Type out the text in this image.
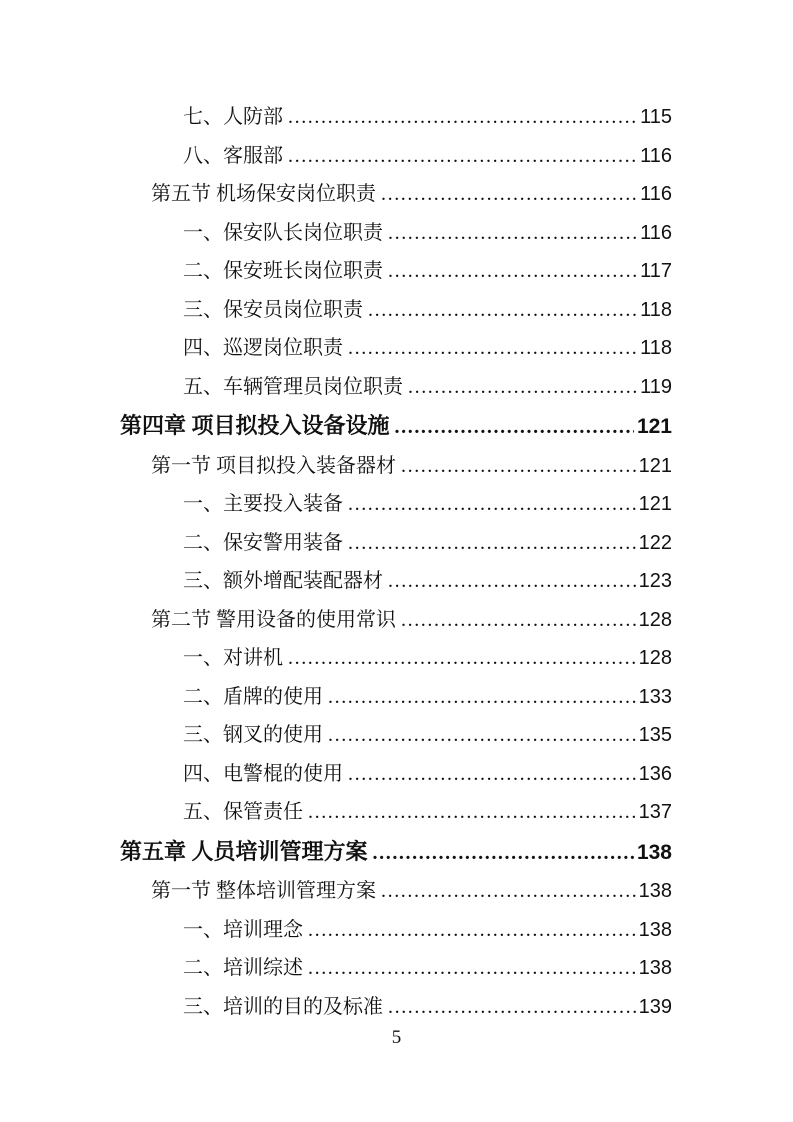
七、人防部 .....	115
八、客服部 .....	116
第五节 机场保安岗位职责 .....	116
一、保安队长岗位职责 .....	116
二、保安班长岗位职责 .....	117
三、保安员岗位职责 .....	118
四、巡逻岗位职责 .....	118
五、车辆管理员岗位职责 .....	119
第四章 项目拟投入设备设施 .....	121
第一节 项目拟投入装备器材 .....	121
一、主要投入装备 .....	121
二、保安警用装备 .....	122
三、额外增配装配器材 .....	123
第二节 警用设备的使用常识 .....	128
一、对讲机 .....	128
二、盾牌的使用 .....	133
三、钢叉的使用 .....	135
四、电警棍的使用 .....	136
五、保管责任 .....	137
第五章 人员培训管理方案 .....	138
第一节 整体培训管理方案 .....	138
一、培训理念 .....	138
二、培训综述 .....	138
三、培训的目的及标准 .....	139
5
